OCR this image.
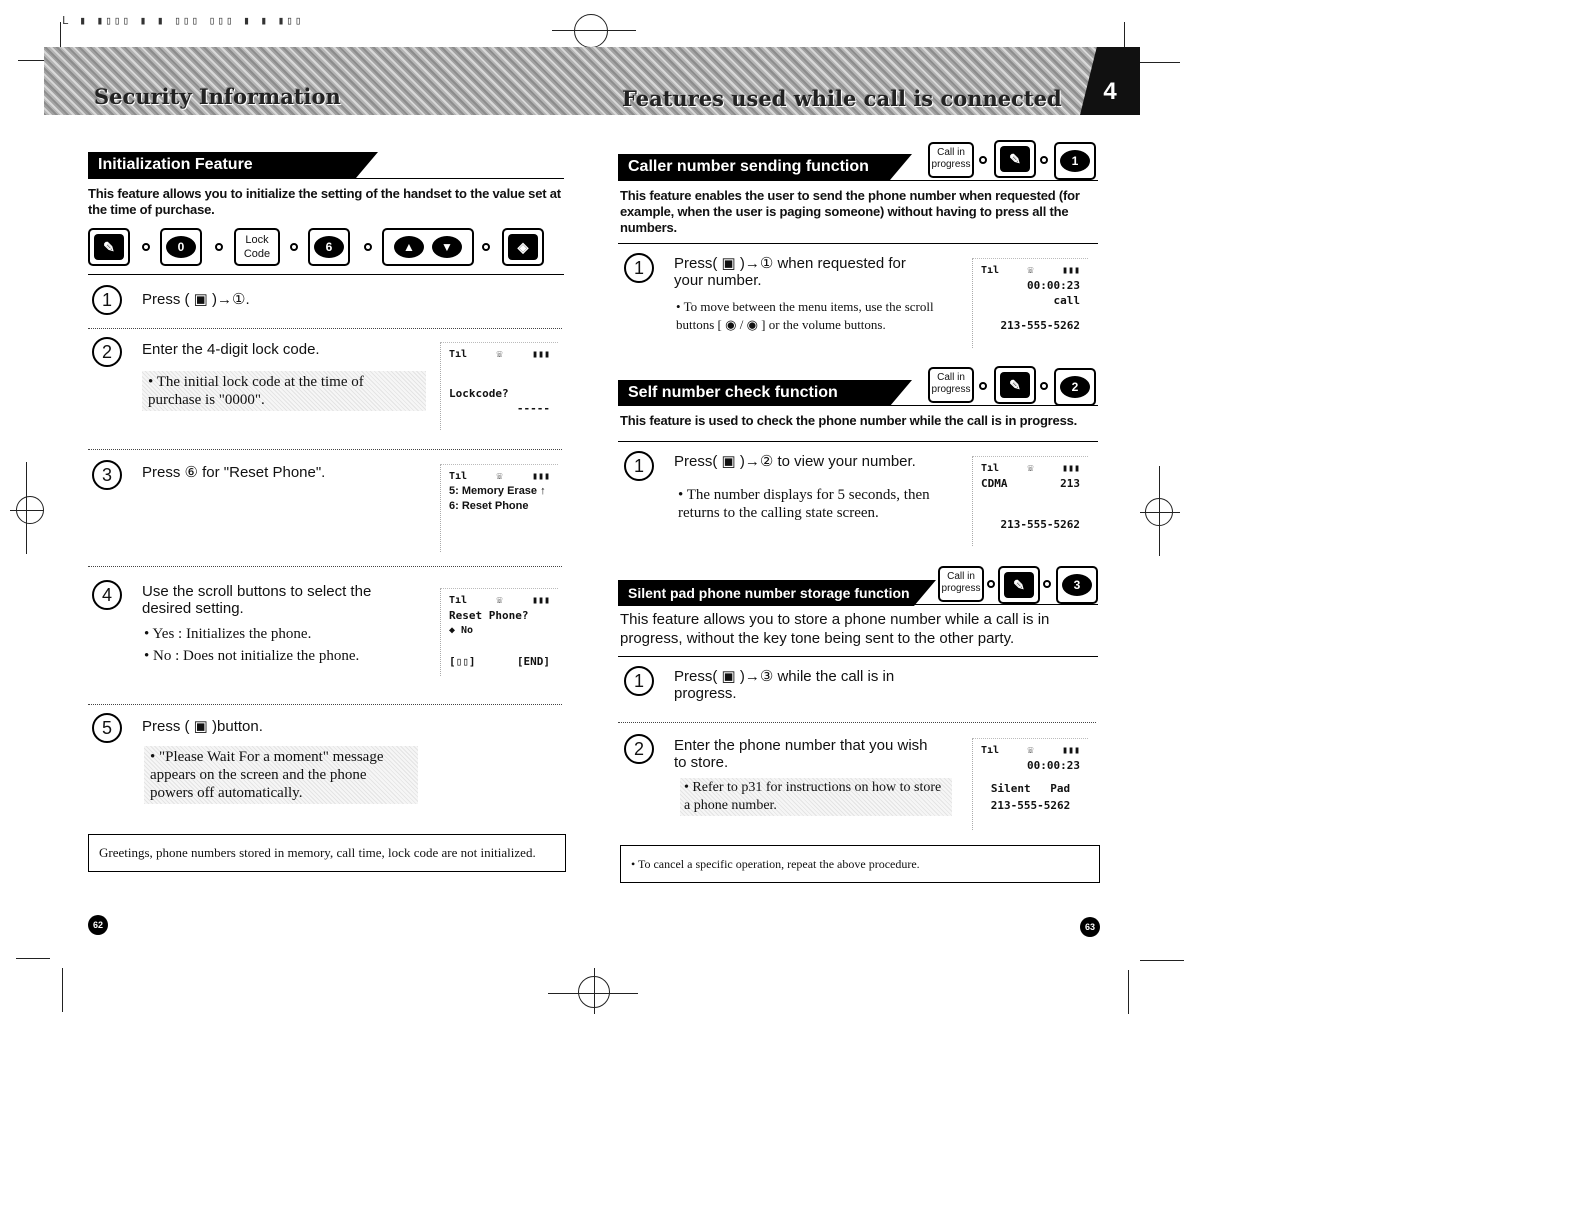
L ▮ ▮▯▯▯ ▮ ▮ ▯▯▯ ▯▯▯ ▮ ▮ ▮▯▯
Security Information	Features used while call is connected	4
Initialization Feature
This feature allows you to initialize the setting of the handset to the value set at the time of purchase.
✎	0	Lock Code	6	▲	▼	◈
1	Press ( ▣ )→①.
2	Enter the 4-digit lock code.
• The initial lock code at the time of purchase is "0000".
Tıl	☏	▮▮▮
Lockcode?
-----
3	Press ⑥ for "Reset Phone".	Tıl	☏	▮▮▮
5: Memory Erase ↑
6: Reset Phone
4	Use the scroll buttons to select the desired setting.
• Yes : Initializes the phone.
• No : Does not initialize the phone.
Tıl	☏	▮▮▮
Reset Phone?
◆ No
[▯▯]	[END]
5	Press ( ▣ )button.
• "Please Wait For a moment" message appears on the screen and the phone powers off automatically.
Greetings, phone numbers stored in memory, call time, lock code are not initialized.
62
Caller number sending function
Call in progress	✎	1
This feature enables the user to send the phone number when requested (for example, when the user is paging someone) without having to press all the numbers.
1	Press( ▣ )→① when requested for your number.
• To move between the menu items, use the scroll buttons [ ◉ / ◉ ] or the volume buttons.
Tıl	☏	▮▮▮
00:00:23
call
213-555-5262
Self number check function
Call in progress	✎	2
This feature is used to check the phone number while the call is in progress.
1	Press( ▣ )→② to view your number.
• The number displays for 5 seconds, then returns to the calling state screen.
Tıl	☏	▮▮▮
CDMA	213
213-555-5262
Silent pad phone number storage function
Call in progress	✎	3
This feature allows you to store a phone number while a call is in progress, without the key tone being sent to the other party.
1	Press( ▣ )→③ while the call is in progress.
2	Enter the phone number that you wish to store.
• Refer to p31 for instructions on how to store a phone number.
Tıl	☏	▮▮▮
00:00:23
Silent Pad
213-555-5262
• To cancel a specific operation, repeat the above procedure.
63
